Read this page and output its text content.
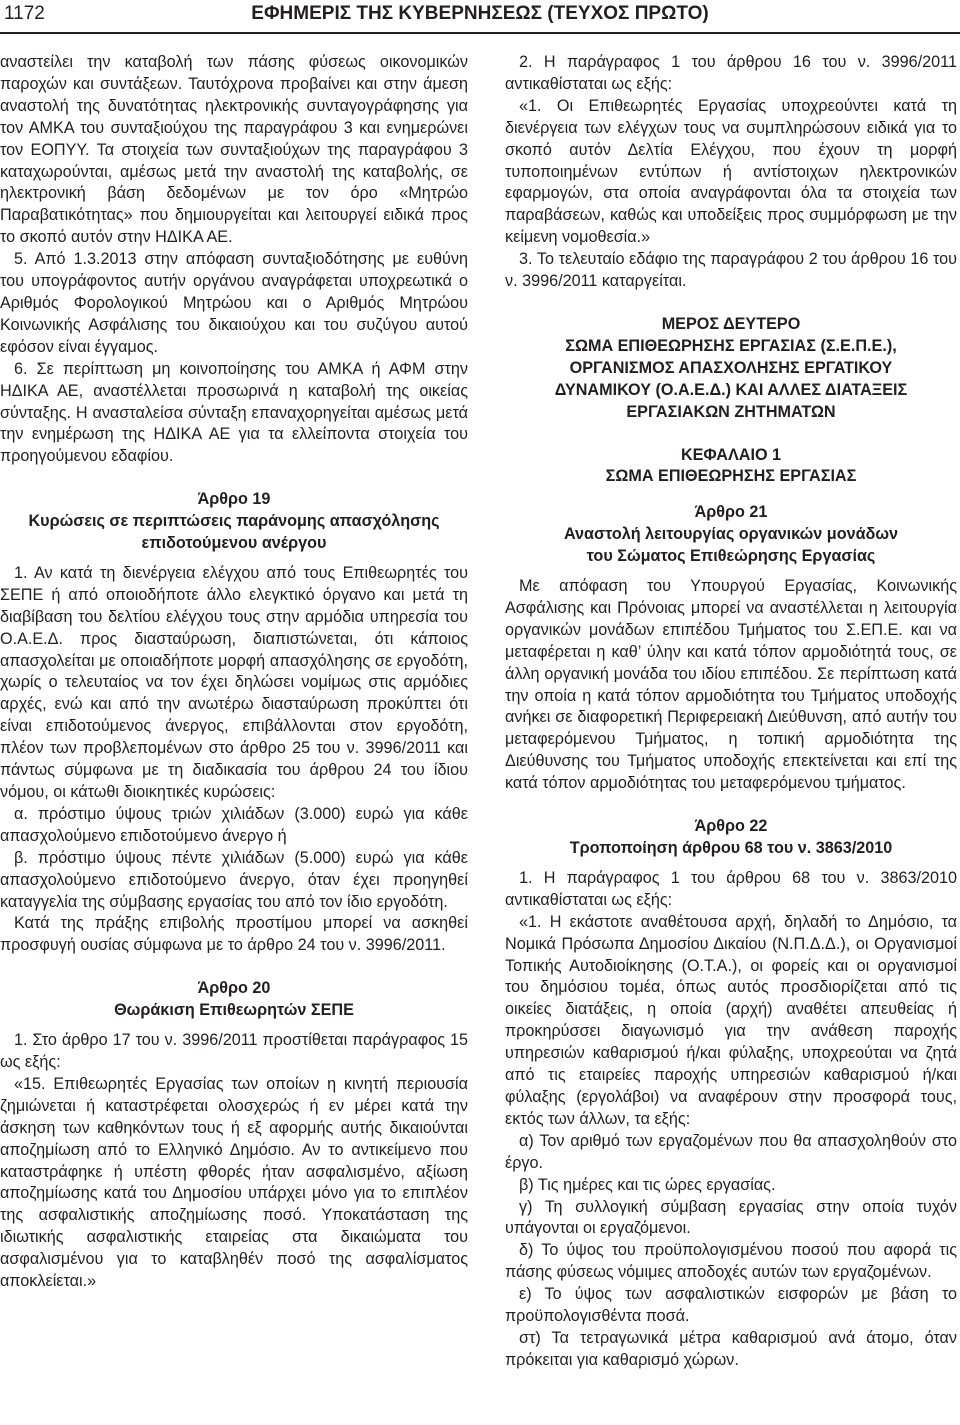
1172	ΕΦΗΜΕΡΙΣ ΤΗΣ ΚΥΒΕΡΝΗΣΕΩΣ (ΤΕΥΧΟΣ ΠΡΩΤΟ)

αναστείλει την καταβολή των πάσης φύσεως οικονομικών παροχών και συντάξεων. Ταυτόχρονα προβαίνει και στην άμεση αναστολή της δυνατότητας ηλεκτρονικής συνταγογράφησης για τον ΑΜΚΑ του συνταξιούχου της παραγράφου 3 και ενημερώνει τον ΕΟΠΥΥ. Τα στοιχεία των συνταξιούχων της παραγράφου 3 καταχωρούνται, αμέσως μετά την αναστολή της καταβολής, σε ηλεκτρονική βάση δεδομένων με τον όρο «Μητρώο Παραβατικότητας» που δημιουργείται και λειτουργεί ειδικά προς το σκοπό αυτόν στην ΗΔΙΚΑ ΑΕ.

5. Από 1.3.2013 στην απόφαση συνταξιοδότησης με ευθύνη του υπογράφοντος αυτήν οργάνου αναγράφεται υποχρεωτικά ο Αριθμός Φορολογικού Μητρώου και ο Αριθμός Μητρώου Κοινωνικής Ασφάλισης του δικαιούχου και του συζύγου αυτού εφόσον είναι έγγαμος.

6. Σε περίπτωση μη κοινοποίησης του ΑΜΚΑ ή ΑΦΜ στην ΗΔΙΚΑ ΑΕ, αναστέλλεται προσωρινά η καταβολή της οικείας σύνταξης. Η ανασταλείσα σύνταξη επαναχορηγείται αμέσως μετά την ενημέρωση της ΗΔΙΚΑ ΑΕ για τα ελλείποντα στοιχεία του προηγούμενου εδαφίου.

Άρθρο 19
Κυρώσεις σε περιπτώσεις παράνομης απασχόλησης επιδοτούμενου ανέργου

1. Αν κατά τη διενέργεια ελέγχου από τους Επιθεωρητές του ΣΕΠΕ ή από οποιοδήποτε άλλο ελεγκτικό όργανο και μετά τη διαβίβαση του δελτίου ελέγχου τους στην αρμόδια υπηρεσία του Ο.Α.Ε.Δ. προς διασταύρωση, διαπιστώνεται, ότι κάποιος απασχολείται με οποιαδήποτε μορφή απασχόλησης σε εργοδότη, χωρίς ο τελευταίος να τον έχει δηλώσει νομίμως στις αρμόδιες αρχές, ενώ και από την ανωτέρω διασταύρωση προκύπτει ότι είναι επιδοτούμενος άνεργος, επιβάλλονται στον εργοδότη, πλέον των προβλεπομένων στο άρθρο 25 του ν. 3996/2011 και πάντως σύμφωνα με τη διαδικασία του άρθρου 24 του ίδιου νόμου, οι κάτωθι διοικητικές κυρώσεις:

α. πρόστιμο ύψους τριών χιλιάδων (3.000) ευρώ για κάθε απασχολούμενο επιδοτούμενο άνεργο ή

β. πρόστιμο ύψους πέντε χιλιάδων (5.000) ευρώ για κάθε απασχολούμενο επιδοτούμενο άνεργο, όταν έχει προηγηθεί καταγγελία της σύμβασης εργασίας του από τον ίδιο εργοδότη.

Κατά της πράξης επιβολής προστίμου μπορεί να ασκηθεί προσφυγή ουσίας σύμφωνα με το άρθρο 24 του ν. 3996/2011.

Άρθρο 20
Θωράκιση Επιθεωρητών ΣΕΠΕ

1. Στο άρθρο 17 του ν. 3996/2011 προστίθεται παράγραφος 15 ως εξής:

«15. Επιθεωρητές Εργασίας των οποίων η κινητή περιουσία ζημιώνεται ή καταστρέφεται ολοσχερώς ή εν μέρει κατά την άσκηση των καθηκόντων τους ή εξ αφορμής αυτής δικαιούνται αποζημίωση από το Ελληνικό Δημόσιο. Αν το αντικείμενο που καταστράφηκε ή υπέστη φθορές ήταν ασφαλισμένο, αξίωση αποζημίωσης κατά του Δημοσίου υπάρχει μόνο για το επιπλέον της ασφαλιστικής αποζημίωσης ποσό. Υποκατάσταση της ιδιωτικής ασφαλιστικής εταιρείας στα δικαιώματα του ασφαλισμένου για το καταβληθέν ποσό της ασφαλίσματος αποκλείεται.»

2. Η παράγραφος 1 του άρθρου 16 του ν. 3996/2011 αντικαθίσταται ως εξής:

«1. Οι Επιθεωρητές Εργασίας υποχρεούντει κατά τη διενέργεια των ελέγχων τους να συμπληρώσουν ειδικά για το σκοπό αυτόν Δελτία Ελέγχου, που έχουν τη μορφή τυποποιημένων εντύπων ή αντίστοιχων ηλεκτρονικών εφαρμογών, στα οποία αναγράφονται όλα τα στοιχεία των παραβάσεων, καθώς και υποδείξεις προς συμμόρφωση με την κείμενη νομοθεσία.»

3. Το τελευταίο εδάφιο της παραγράφου 2 του άρθρου 16 του ν. 3996/2011 καταργείται.

ΜΕΡΟΣ ΔΕΥΤΕΡΟ
ΣΩΜΑ ΕΠΙΘΕΩΡΗΣΗΣ ΕΡΓΑΣΙΑΣ (Σ.Ε.Π.Ε.),
ΟΡΓΑΝΙΣΜΟΣ ΑΠΑΣΧΟΛΗΣΗΣ ΕΡΓΑΤΙΚΟΥ
ΔΥΝΑΜΙΚΟΥ (Ο.Α.Ε.Δ.) ΚΑΙ ΑΛΛΕΣ ΔΙΑΤΑΞΕΙΣ
ΕΡΓΑΣΙΑΚΩΝ ΖΗΤΗΜΑΤΩΝ
ΚΕΦΑΛΑΙΟ 1
ΣΩΜΑ ΕΠΙΘΕΩΡΗΣΗΣ ΕΡΓΑΣΙΑΣ
Άρθρο 21
Αναστολή λειτουργίας οργανικών μονάδων
του Σώματος Επιθεώρησης Εργασίας

Με απόφαση του Υπουργού Εργασίας, Κοινωνικής Ασφάλισης και Πρόνοιας μπορεί να αναστέλλεται η λειτουργία οργανικών μονάδων επιπέδου Τμήματος του Σ.ΕΠ.Ε. και να μεταφέρεται η καθ’ ύλην και κατά τόπον αρμοδιότητά τους, σε άλλη οργανική μονάδα του ιδίου επιπέδου. Σε περίπτωση κατά την οποία η κατά τόπον αρμοδιότητα του Τμήματος υποδοχής ανήκει σε διαφορετική Περιφερειακή Διεύθυνση, από αυτήν του μεταφερόμενου Τμήματος, η τοπική αρμοδιότητα της Διεύθυνσης του Τμήματος υποδοχής επεκτείνεται και επί της κατά τόπον αρμοδιότητας του μεταφερόμενου τμήματος.

Άρθρο 22
Τροποποίηση άρθρου 68 του ν. 3863/2010

1. Η παράγραφος 1 του άρθρου 68 του ν. 3863/2010 αντικαθίσταται ως εξής:

«1. Η εκάστοτε αναθέτουσα αρχή, δηλαδή το Δημόσιο, τα Νομικά Πρόσωπα Δημοσίου Δικαίου (Ν.Π.Δ.Δ.), οι Οργανισμοί Τοπικής Αυτοδιοίκησης (Ο.Τ.Α.), οι φορείς και οι οργανισμοί του δημόσιου τομέα, όπως αυτός προσδιορίζεται από τις οικείες διατάξεις, η οποία (αρχή) αναθέτει απευθείας ή προκηρύσσει διαγωνισμό για την ανάθεση παροχής υπηρεσιών καθαρισμού ή/και φύλαξης, υποχρεούται να ζητά από τις εταιρείες παροχής υπηρεσιών καθαρισμού ή/και φύλαξης (εργολάβοι) να αναφέρουν στην προσφορά τους, εκτός των άλλων, τα εξής:

α) Τον αριθμό των εργαζομένων που θα απασχοληθούν στο έργο.

β) Τις ημέρες και τις ώρες εργασίας.

γ) Τη συλλογική σύμβαση εργασίας στην οποία τυχόν υπάγονται οι εργαζόμενοι.

δ) Το ύψος του προϋπολογισμένου ποσού που αφορά τις πάσης φύσεως νόμιμες αποδοχές αυτών των εργαζομένων.

ε) Το ύψος των ασφαλιστικών εισφορών με βάση το προϋπολογισθέντα ποσά.

στ) Τα τετραγωνικά μέτρα καθαρισμού ανά άτομο, όταν πρόκειται για καθαρισμό χώρων.
